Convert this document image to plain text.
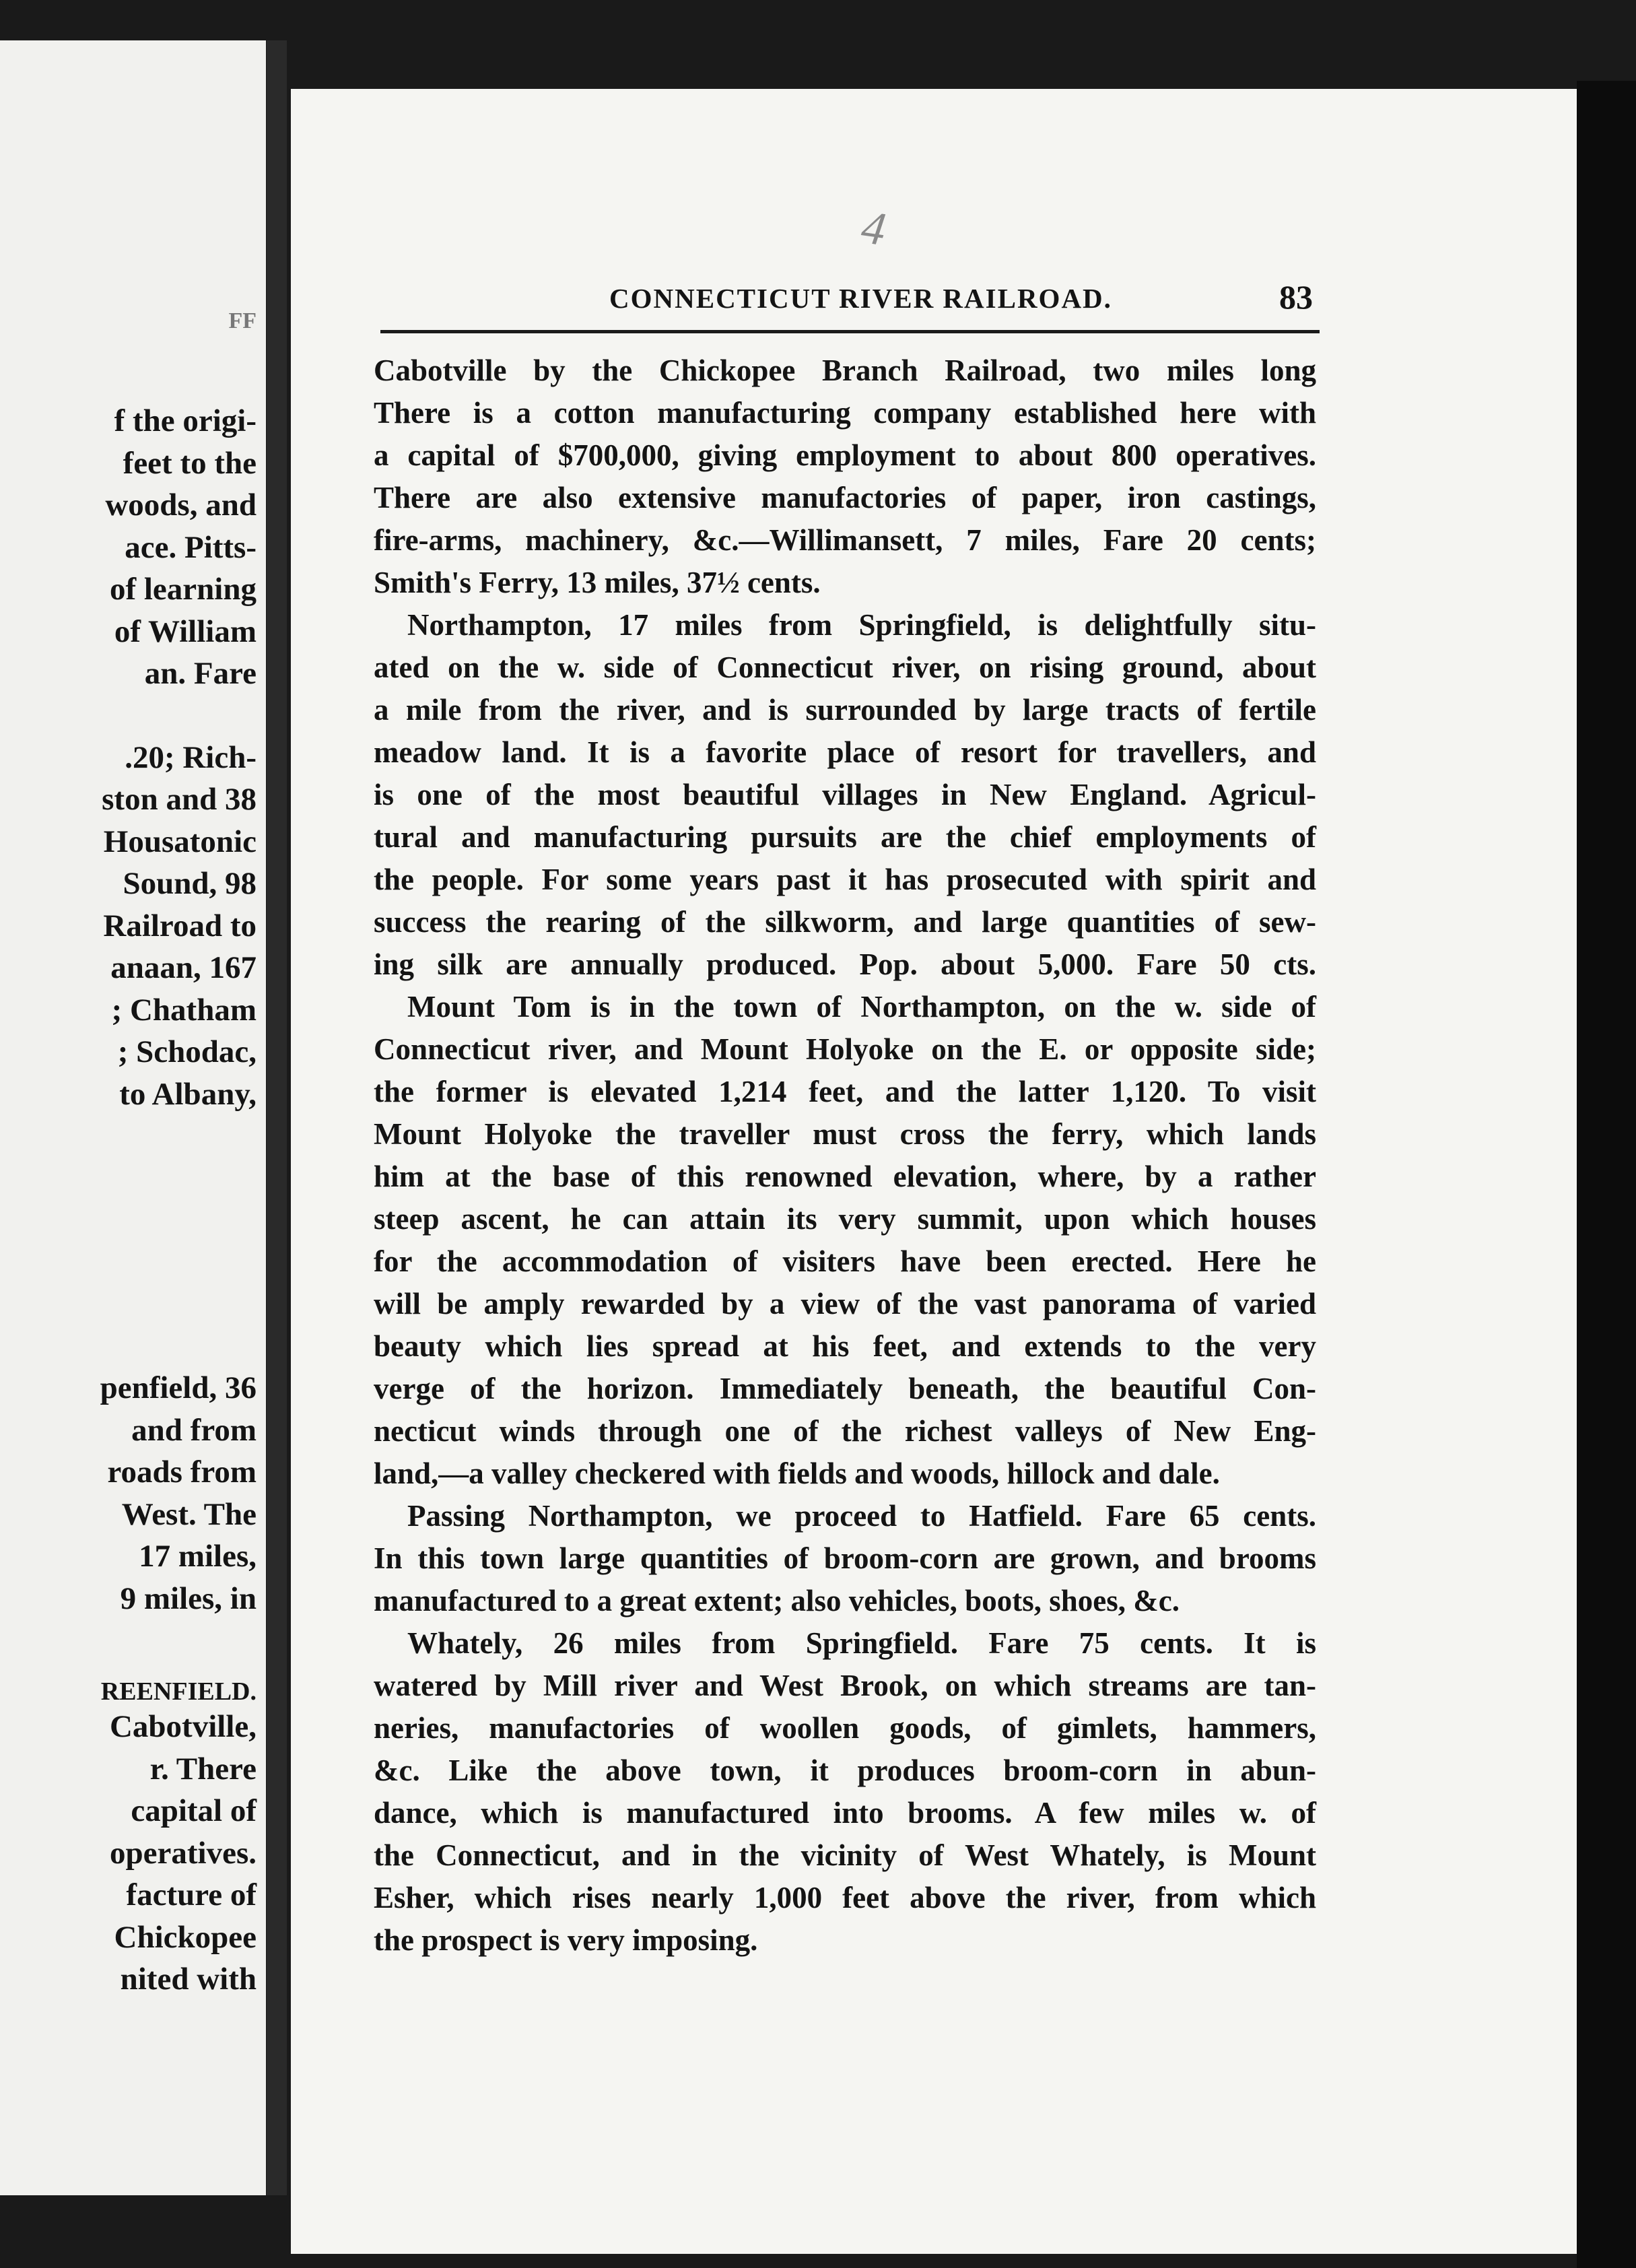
FF
f the origi-
feet to the
woods, and
ace. Pitts-
of learning
of William
an. Fare
.20; Rich-
ston and 38
Housatonic
Sound, 98
Railroad to
anaan, 167
; Chatham
; Schodac,
to Albany,
penfield, 36
and from
roads from
West. The
17 miles,
9 miles, in
REENFIELD.
Cabotville,
r. There
capital of
operatives.
facture of
Chickopee
nited with
4
CONNECTICUT RIVER RAILROAD.	83
Cabotville by the Chickopee Branch Railroad, two miles long
There is a cotton manufacturing company established here with
a capital of $700,000, giving employment to about 800 operatives.
There are also extensive manufactories of paper, iron castings,
fire-arms, machinery, &c.—Willimansett, 7 miles, Fare 20 cents;
Smith's Ferry, 13 miles, 37½ cents.
Northampton, 17 miles from Springfield, is delightfully situ-
ated on the w. side of Connecticut river, on rising ground, about
a mile from the river, and is surrounded by large tracts of fertile
meadow land. It is a favorite place of resort for travellers, and
is one of the most beautiful villages in New England. Agricul-
tural and manufacturing pursuits are the chief employments of
the people. For some years past it has prosecuted with spirit and
success the rearing of the silkworm, and large quantities of sew-
ing silk are annually produced. Pop. about 5,000. Fare 50 cts.
Mount Tom is in the town of Northampton, on the w. side of
Connecticut river, and Mount Holyoke on the E. or opposite side;
the former is elevated 1,214 feet, and the latter 1,120. To visit
Mount Holyoke the traveller must cross the ferry, which lands
him at the base of this renowned elevation, where, by a rather
steep ascent, he can attain its very summit, upon which houses
for the accommodation of visiters have been erected. Here he
will be amply rewarded by a view of the vast panorama of varied
beauty which lies spread at his feet, and extends to the very
verge of the horizon. Immediately beneath, the beautiful Con-
necticut winds through one of the richest valleys of New Eng-
land,—a valley checkered with fields and woods, hillock and dale.
Passing Northampton, we proceed to Hatfield. Fare 65 cents.
In this town large quantities of broom-corn are grown, and brooms
manufactured to a great extent; also vehicles, boots, shoes, &c.
Whately, 26 miles from Springfield. Fare 75 cents. It is
watered by Mill river and West Brook, on which streams are tan-
neries, manufactories of woollen goods, of gimlets, hammers,
&c. Like the above town, it produces broom-corn in abun-
dance, which is manufactured into brooms. A few miles w. of
the Connecticut, and in the vicinity of West Whately, is Mount
Esher, which rises nearly 1,000 feet above the river, from which
the prospect is very imposing.
